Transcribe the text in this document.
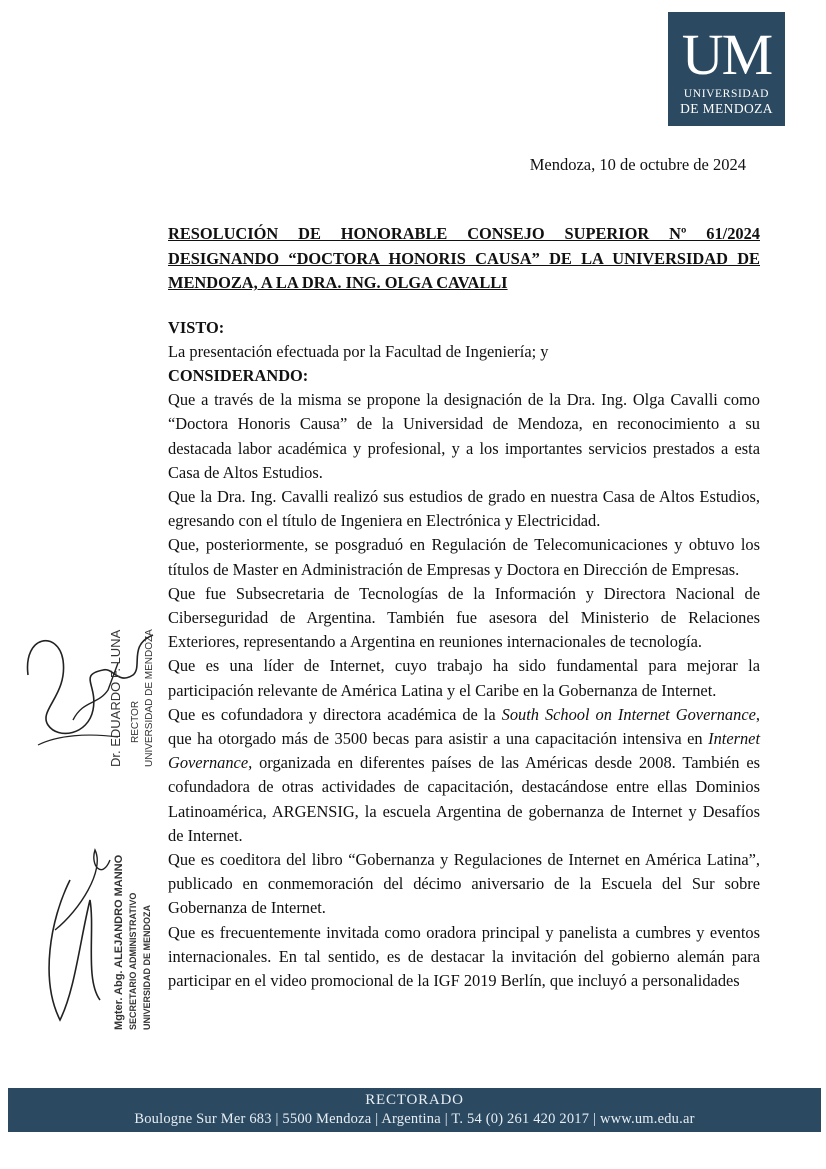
UM
UNIVERSIDAD
DE MENDOZA
Mendoza, 10 de octubre de 2024
RESOLUCIÓN DE HONORABLE CONSEJO SUPERIOR Nº 61/2024 DESIGNANDO “DOCTORA HONORIS CAUSA” DE LA UNIVERSIDAD DE MENDOZA, A LA DRA. ING. OLGA CAVALLI
VISTO:

La presentación efectuada por la Facultad de Ingeniería; y

CONSIDERANDO:

Que a través de la misma se propone la designación de la Dra. Ing. Olga Cavalli como “Doctora Honoris Causa” de la Universidad de Mendoza, en reconocimiento a su destacada labor académica y profesional, y a los importantes servicios prestados a esta Casa de Altos Estudios.

Que la Dra. Ing. Cavalli realizó sus estudios de grado en nuestra Casa de Altos Estudios, egresando con el título de Ingeniera en Electrónica y Electricidad.

Que, posteriormente, se posgraduó en Regulación de Telecomunicaciones y obtuvo los títulos de Master en Administración de Empresas y Doctora en Dirección de Empresas.

Que fue Subsecretaria de Tecnologías de la Información y Directora Nacional de Ciberseguridad de Argentina. También fue asesora del Ministerio de Relaciones Exteriores, representando a Argentina en reuniones internacionales de tecnología.

Que es una líder de Internet, cuyo trabajo ha sido fundamental para mejorar la participación relevante de América Latina y el Caribe en la Gobernanza de Internet.

Que es cofundadora y directora académica de la South School on Internet Governance, que ha otorgado más de 3500 becas para asistir a una capacitación intensiva en Internet Governance, organizada en diferentes países de las Américas desde 2008. También es cofundadora de otras actividades de capacitación, destacándose entre ellas Dominios Latinoamérica, ARGENSIG, la escuela Argentina de gobernanza de Internet y Desafíos de Internet.

Que es coeditora del libro “Gobernanza y Regulaciones de Internet en América Latina”, publicado en conmemoración del décimo aniversario de la Escuela del Sur sobre Gobernanza de Internet.

Que es frecuentemente invitada como oradora principal y panelista a cumbres y eventos internacionales. En tal sentido, es de destacar la invitación del gobierno alemán para participar en el video promocional de la IGF 2019 Berlín, que incluyó a personalidades

Dr. EDUARDO F. LUNA RECTOR UNIVERSIDAD DE MENDOZA
Mgter. Abg. ALEJANDRO MANNO SECRETARIO ADMINISTRATIVO UNIVERSIDAD DE MENDOZA
RECTORADO
Boulogne Sur Mer 683 | 5500 Mendoza | Argentina | T. 54 (0) 261 420 2017 | www.um.edu.ar
